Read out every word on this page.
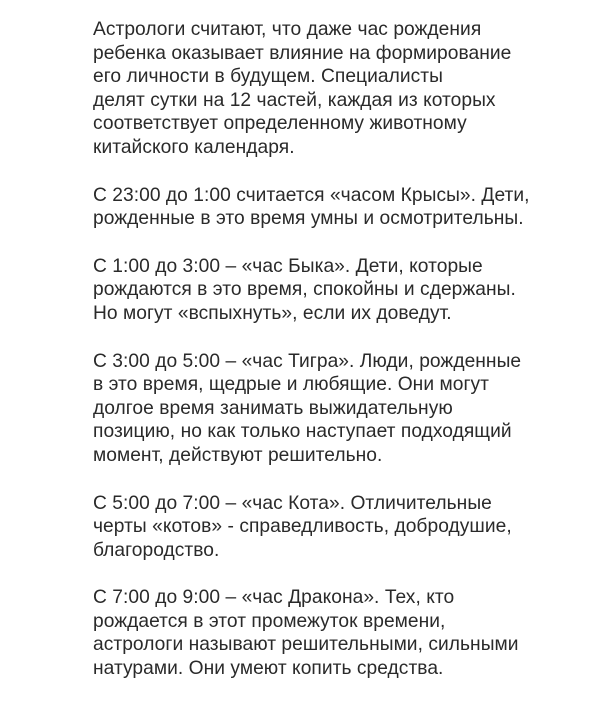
Астрологи считают, что даже час рождения
ребенка оказывает влияние на формирование
его личности в будущем. Специалисты
делят сутки на 12 частей, каждая из которых
соответствует определенному животному
китайского календаря.

С 23:00 до 1:00 считается «часом Крысы». Дети,
рожденные в это время умны и осмотрительны.

С 1:00 до 3:00 – «час Быка». Дети, которые
рождаются в это время, спокойны и сдержаны.
Но могут «вспыхнуть», если их доведут.

С 3:00 до 5:00 – «час Тигра». Люди, рожденные
в это время, щедрые и любящие. Они могут
долгое время занимать выжидательную
позицию, но как только наступает подходящий
момент, действуют решительно.

С 5:00 до 7:00 – «час Кота». Отличительные
черты «котов» - справедливость, добродушие,
благородство.

С 7:00 до 9:00 – «час Дракона». Тех, кто
рождается в этот промежуток времени,
астрологи называют решительными, сильными
натурами. Они умеют копить средства.
